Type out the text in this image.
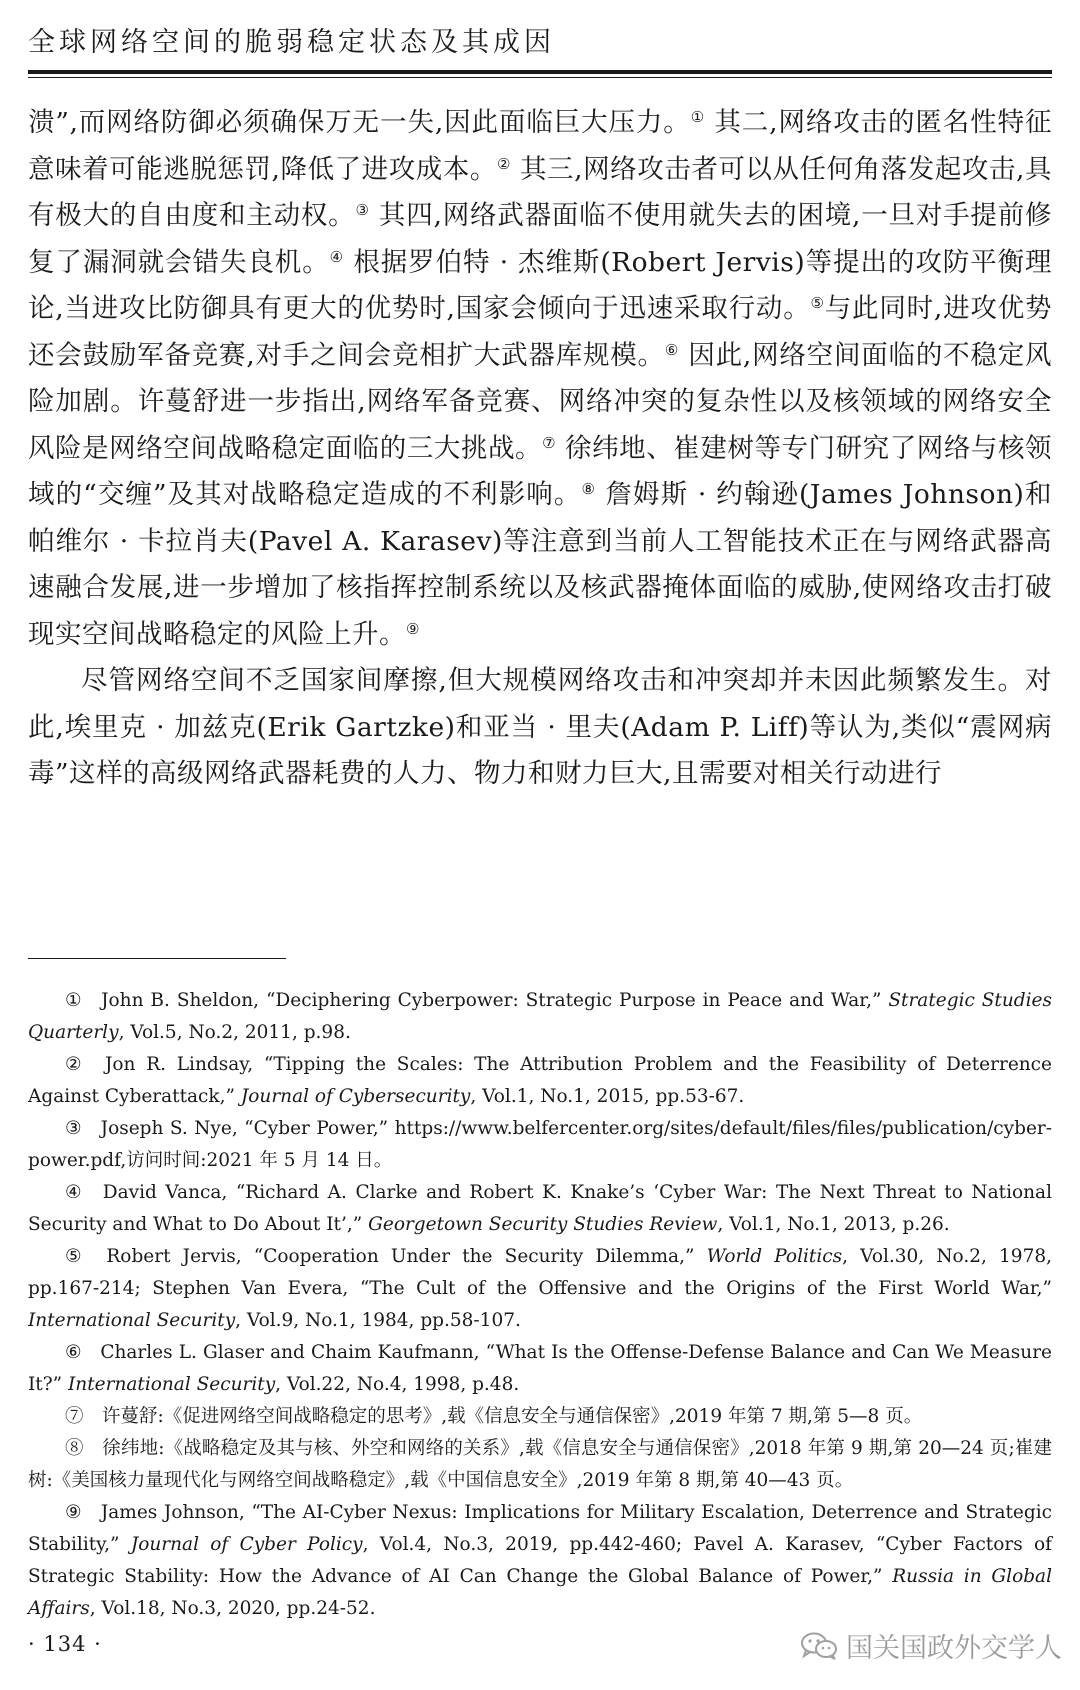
全球网络空间的脆弱稳定状态及其成因

溃”,而网络防御必须确保万无一失,因此面临巨大压力。① 其二,网络攻击的匿名性特征意味着可能逃脱惩罚,降低了进攻成本。② 其三,网络攻击者可以从任何角落发起攻击,具有极大的自由度和主动权。③ 其四,网络武器面临不使用就失去的困境,一旦对手提前修复了漏洞就会错失良机。④ 根据罗伯特 · 杰维斯(Robert Jervis)等提出的攻防平衡理论,当进攻比防御具有更大的优势时,国家会倾向于迅速采取行动。⑤与此同时,进攻优势还会鼓励军备竞赛,对手之间会竞相扩大武器库规模。⑥ 因此,网络空间面临的不稳定风险加剧。许蔓舒进一步指出,网络军备竞赛、网络冲突的复杂性以及核领域的网络安全风险是网络空间战略稳定面临的三大挑战。⑦ 徐纬地、崔建树等专门研究了网络与核领域的“交缠”及其对战略稳定造成的不利影响。⑧ 詹姆斯 · 约翰逊(James Johnson)和帕维尔 · 卡拉肖夫(Pavel A. Karasev)等注意到当前人工智能技术正在与网络武器高速融合发展,进一步增加了核指挥控制系统以及核武器掩体面临的威胁,使网络攻击打破现实空间战略稳定的风险上升。⑨

尽管网络空间不乏国家间摩擦,但大规模网络攻击和冲突却并未因此频繁发生。对此,埃里克 · 加兹克(Erik Gartzke)和亚当 · 里夫(Adam P. Liff)等认为,类似“震网病毒”这样的高级网络武器耗费的人力、物力和财力巨大,且需要对相关行动进行

①  John B. Sheldon, “Deciphering Cyberpower: Strategic Purpose in Peace and War,” Strategic Studies Quarterly, Vol.5, No.2, 2011, p.98.

②  Jon R. Lindsay, “Tipping the Scales: The Attribution Problem and the Feasibility of Deterrence Against Cyberattack,” Journal of Cybersecurity, Vol.1, No.1, 2015, pp.53-67.

③  Joseph S. Nye, “Cyber Power,” https://www.belfercenter.org/sites/default/files/files/publication/cyber-power.pdf,访问时间:2021 年 5 月 14 日。

④  David Vanca, “Richard A. Clarke and Robert K. Knake’s ‘Cyber War: The Next Threat to National Security and What to Do About It’,” Georgetown Security Studies Review, Vol.1, No.1, 2013, p.26.

⑤  Robert Jervis, “Cooperation Under the Security Dilemma,” World Politics, Vol.30, No.2, 1978, pp.167-214; Stephen Van Evera, “The Cult of the Offensive and the Origins of the First World War,” International Security, Vol.9, No.1, 1984, pp.58-107.

⑥  Charles L. Glaser and Chaim Kaufmann, “What Is the Offense-Defense Balance and Can We Measure It?” International Security, Vol.22, No.4, 1998, p.48.

⑦  许蔓舒:《促进网络空间战略稳定的思考》,载《信息安全与通信保密》,2019 年第 7 期,第 5—8 页。

⑧  徐纬地:《战略稳定及其与核、外空和网络的关系》,载《信息安全与通信保密》,2018 年第 9 期,第 20—24 页;崔建树:《美国核力量现代化与网络空间战略稳定》,载《中国信息安全》,2019 年第 8 期,第 40—43 页。

⑨  James Johnson, “The AI-Cyber Nexus: Implications for Military Escalation, Deterrence and Strategic Stability,” Journal of Cyber Policy, Vol.4, No.3, 2019, pp.442-460; Pavel A. Karasev, “Cyber Factors of Strategic Stability: How the Advance of AI Can Change the Global Balance of Power,” Russia in Global Affairs, Vol.18, No.3, 2020, pp.24-52.

· 134 ·	国关国政外交学人
